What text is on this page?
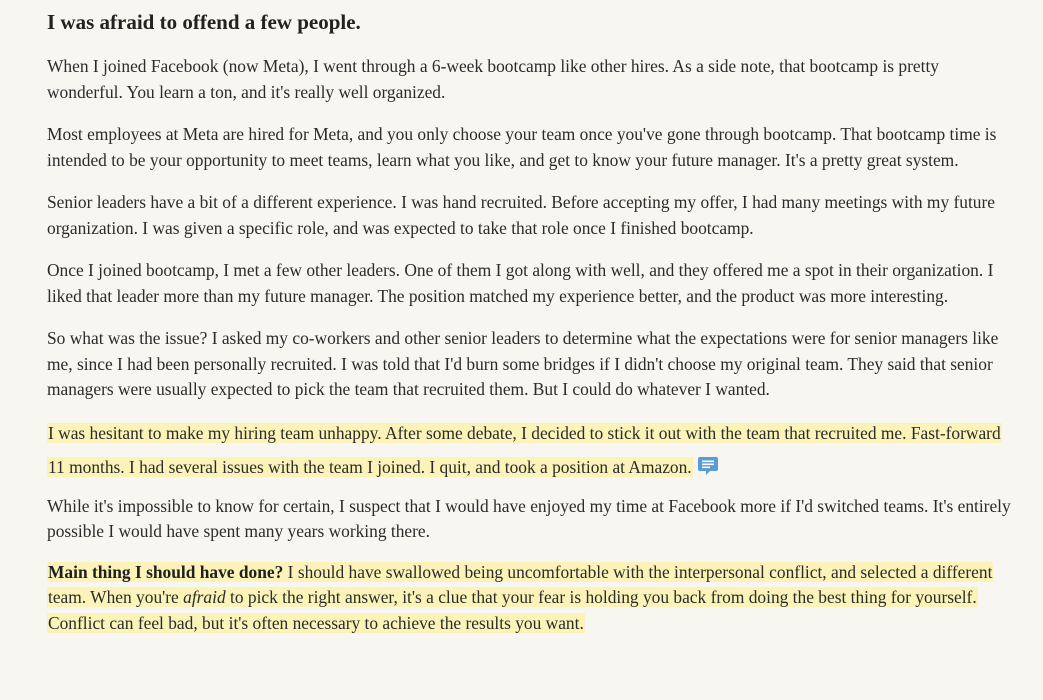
I was afraid to offend a few people.

When I joined Facebook (now Meta), I went through a 6-week bootcamp like other hires. As a side note, that bootcamp is pretty wonderful. You learn a ton, and it's really well organized.

Most employees at Meta are hired for Meta, and you only choose your team once you've gone through bootcamp. That bootcamp time is intended to be your opportunity to meet teams, learn what you like, and get to know your future manager. It's a pretty great system.

Senior leaders have a bit of a different experience. I was hand recruited. Before accepting my offer, I had many meetings with my future organization. I was given a specific role, and was expected to take that role once I finished bootcamp.

Once I joined bootcamp, I met a few other leaders. One of them I got along with well, and they offered me a spot in their organization. I liked that leader more than my future manager. The position matched my experience better, and the product was more interesting.

So what was the issue? I asked my co-workers and other senior leaders to determine what the expectations were for senior managers like me, since I had been personally recruited. I was told that I'd burn some bridges if I didn't choose my original team. They said that senior managers were usually expected to pick the team that recruited them. But I could do whatever I wanted.

I was hesitant to make my hiring team unhappy. After some debate, I decided to stick it out with the team that recruited me. Fast-forward 11 months. I had several issues with the team I joined. I quit, and took a position at Amazon.

While it's impossible to know for certain, I suspect that I would have enjoyed my time at Facebook more if I'd switched teams. It's entirely possible I would have spent many years working there.

Main thing I should have done? I should have swallowed being uncomfortable with the interpersonal conflict, and selected a different team. When you're afraid to pick the right answer, it's a clue that your fear is holding you back from doing the best thing for yourself. Conflict can feel bad, but it's often necessary to achieve the results you want.
